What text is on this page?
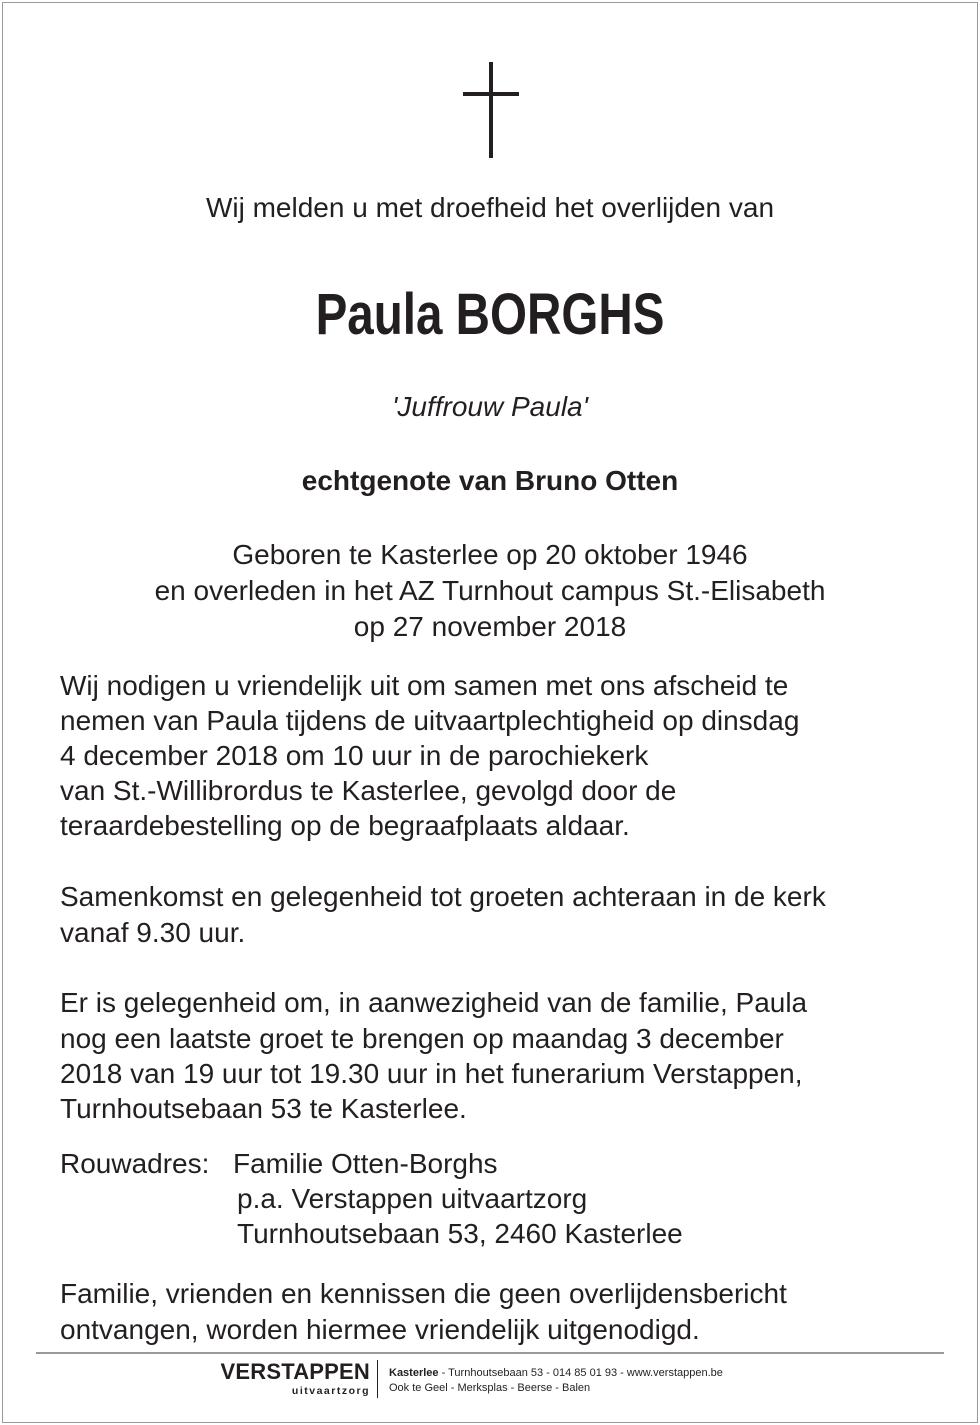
Wij melden u met droefheid het overlijden van
Paula BORGHS
'Juffrouw Paula'
echtgenote van Bruno Otten
Geboren te Kasterlee op 20 oktober 1946
en overleden in het AZ Turnhout campus St.-Elisabeth
op 27 november 2018
Wij nodigen u vriendelijk uit om samen met ons afscheid te
nemen van Paula tijdens de uitvaartplechtigheid op dinsdag
4 december 2018 om 10 uur in de parochiekerk
van St.-Willibrordus te Kasterlee, gevolgd door de
teraardebestelling op de begraafplaats aldaar.
Samenkomst en gelegenheid tot groeten achteraan in de kerk
vanaf 9.30 uur.
Er is gelegenheid om, in aanwezigheid van de familie, Paula
nog een laatste groet te brengen op maandag 3 december
2018 van 19 uur tot 19.30 uur in het funerarium Verstappen,
Turnhoutsebaan 53 te Kasterlee.
Rouwadres: Familie Otten-Borghs
p.a. Verstappen uitvaartzorg
Turnhoutsebaan 53, 2460 Kasterlee
Familie, vrienden en kennissen die geen overlijdensbericht
ontvangen, worden hiermee vriendelijk uitgenodigd.
VERSTAPPEN
uitvaartzorg
Kasterlee - Turnhoutsebaan 53 - 014 85 01 93 - www.verstappen.be
Ook te Geel - Merksplas - Beerse - Balen
